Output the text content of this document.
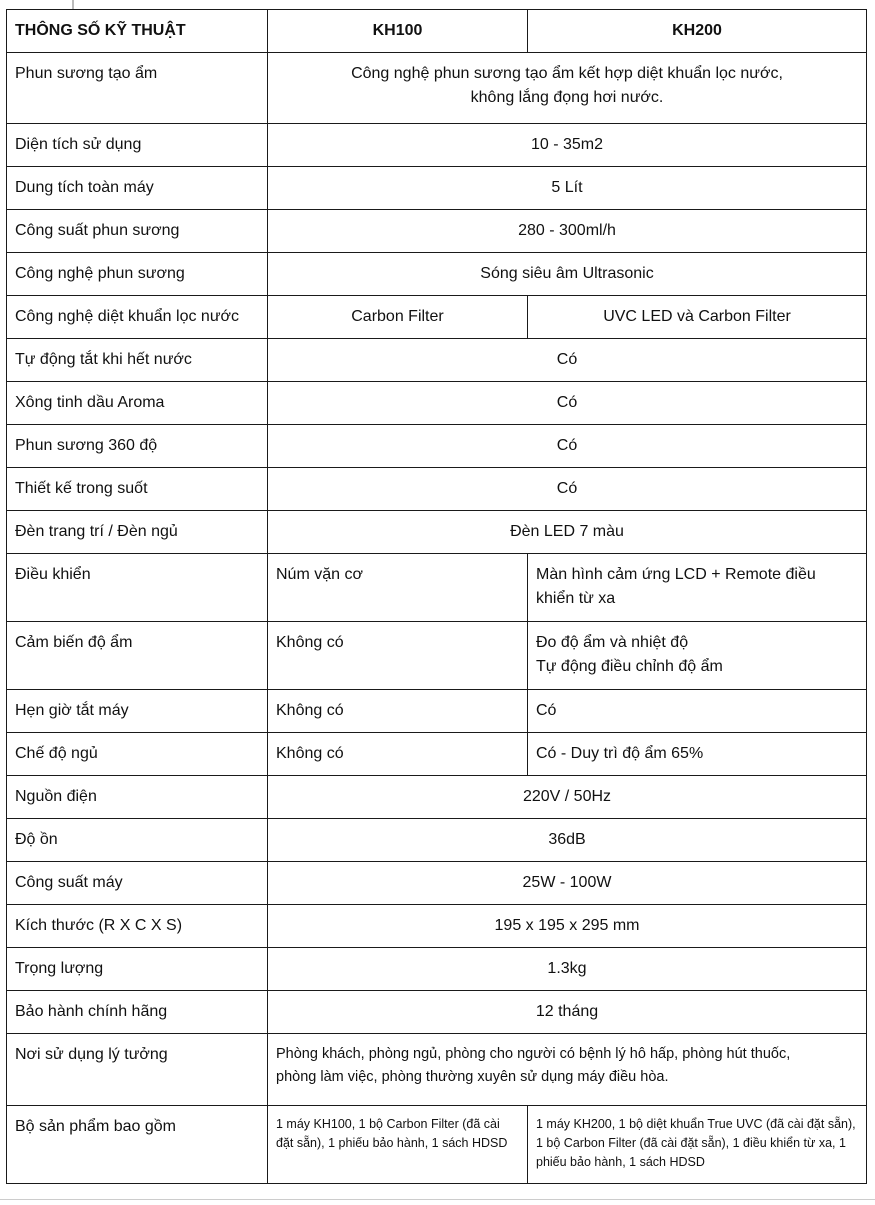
THÔNG SỐ KỸ THUẬT	KH100	KH200
Phun sương tạo ẩm	Công nghệ phun sương tạo ẩm kết hợp diệt khuẩn lọc nước,
không lắng đọng hơi nước.	

Diện tích sử dụng	10 - 35m2	
Dung tích toàn máy	5 Lít	
Công suất phun sương	280 - 300ml/h	
Công nghệ phun sương	Sóng siêu âm Ultrasonic	
Công nghệ diệt khuẩn lọc nước	Carbon Filter	UVC LED và Carbon Filter
Tự động tắt khi hết nước	Có	
Xông tinh dầu Aroma	Có	
Phun sương 360 độ	Có	
Thiết kế trong suốt	Có	
Đèn trang trí / Đèn ngủ	Đèn LED 7 màu	
Điều khiển	Núm vặn cơ	Màn hình cảm ứng LCD + Remote điều
khiển từ xa

Cảm biến độ ẩm	Không có	Đo độ ẩm và nhiệt độ
Tự động điều chỉnh độ ẩm

Hẹn giờ tắt máy	Không có	Có
Chế độ ngủ	Không có	Có - Duy trì độ ẩm 65%
Nguồn điện	220V / 50Hz	
Độ ồn	36dB	
Công suất máy	25W - 100W	
Kích thước (R X C X S)	195 x 195 x 295 mm	
Trọng lượng	1.3kg	
Bảo hành chính hãng	12 tháng	
Nơi sử dụng lý tưởng	Phòng khách, phòng ngủ, phòng cho người có bệnh lý hô hấp, phòng hút thuốc,
phòng làm việc, phòng thường xuyên sử dụng máy điều hòa.	

Bộ sản phẩm bao gồm	1 máy KH100, 1 bộ Carbon Filter (đã cài đặt sẵn), 1 phiếu bảo hành, 1 sách HDSD	1 máy KH200, 1 bộ diệt khuẩn True UVC (đã cài đặt sẵn), 1 bộ Carbon Filter (đã cài đặt sẵn), 1 điều khiển từ xa, 1 phiếu bảo hành, 1 sách HDSD
